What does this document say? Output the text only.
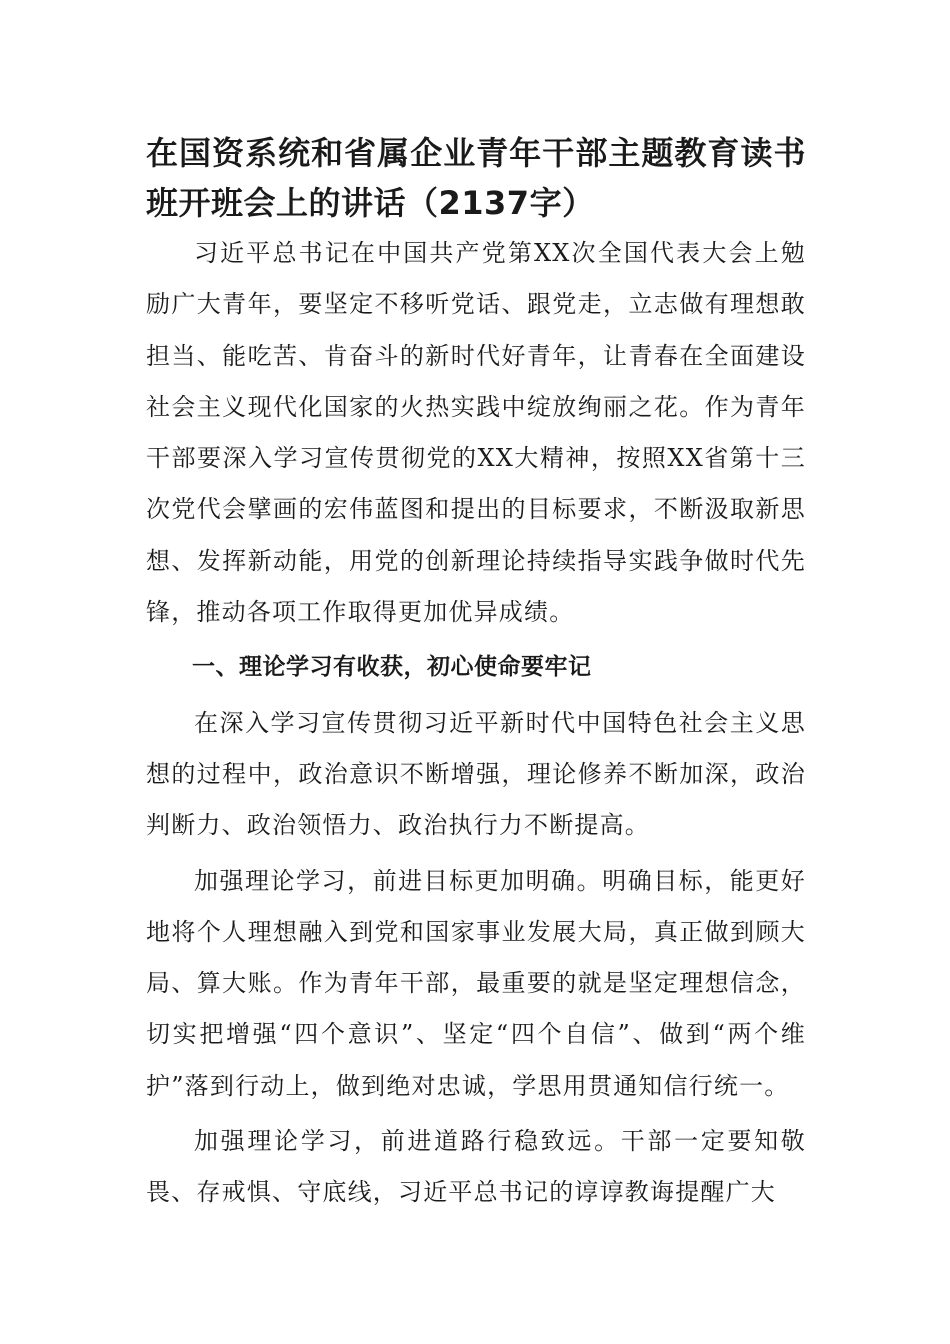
在国资系统和省属企业青年干部主题教育读书班开班会上的讲话（2137字）

习近平总书记在中国共产党第XX次全国代表大会上勉励广大青年，要坚定不移听党话、跟党走，立志做有理想敢担当、能吃苦、肯奋斗的新时代好青年，让青春在全面建设社会主义现代化国家的火热实践中绽放绚丽之花。作为青年干部要深入学习宣传贯彻党的XX大精神，按照XX省第十三次党代会擘画的宏伟蓝图和提出的目标要求，不断汲取新思想、发挥新动能，用党的创新理论持续指导实践争做时代先锋，推动各项工作取得更加优异成绩。

一、理论学习有收获，初心使命要牢记

在深入学习宣传贯彻习近平新时代中国特色社会主义思想的过程中，政治意识不断增强，理论修养不断加深，政治判断力、政治领悟力、政治执行力不断提高。

加强理论学习，前进目标更加明确。明确目标，能更好地将个人理想融入到党和国家事业发展大局，真正做到顾大局、算大账。作为青年干部，最重要的就是坚定理想信念，切实把增强“四个意识”、坚定“四个自信”、做到“两个维护”落到行动上，做到绝对忠诚，学思用贯通知信行统一。

加强理论学习，前进道路行稳致远。干部一定要知敬畏、存戒惧、守底线，习近平总书记的谆谆教诲提醒广大
